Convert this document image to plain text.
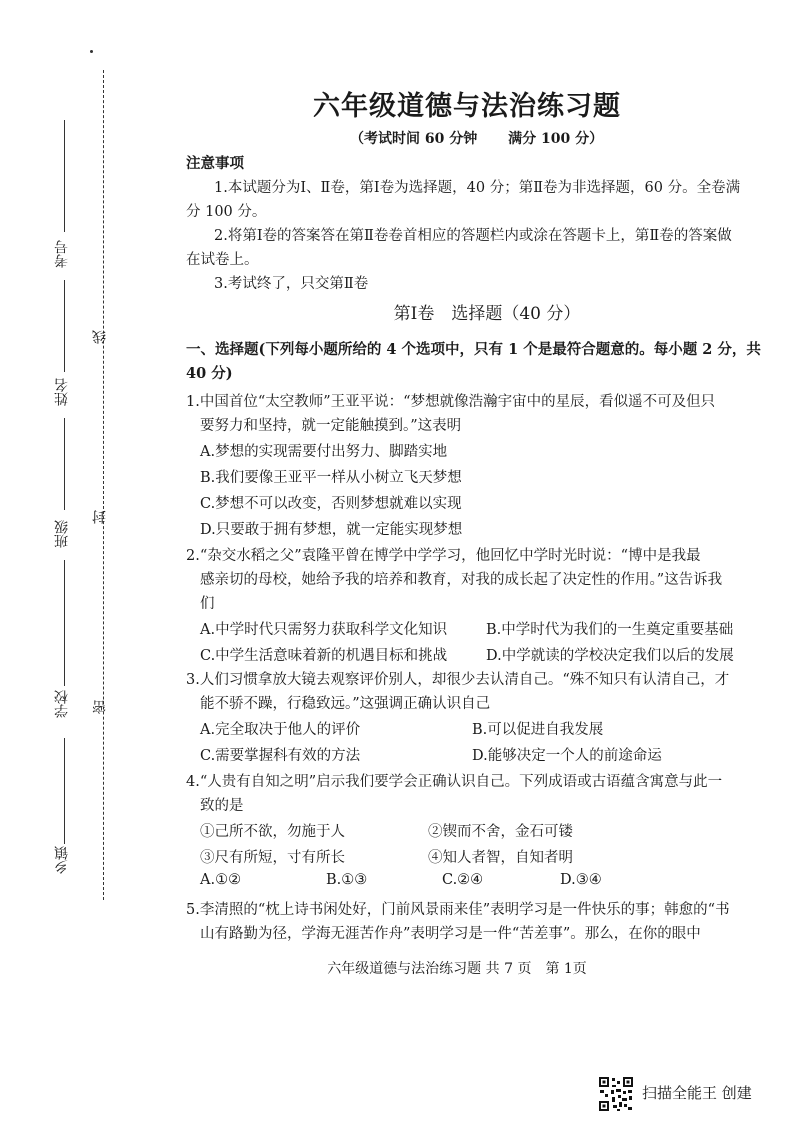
考号
姓名
班级
学校
乡镇
线
封
密
六年级道德与法治练习题
（考试时间 60 分钟 满分 100 分）
注意事项
1.本试题分为Ⅰ、Ⅱ卷，第Ⅰ卷为选择题，40 分；第Ⅱ卷为非选择题，60 分。全卷满分 100 分。
2.将第Ⅰ卷的答案答在第Ⅱ卷卷首相应的答题栏内或涂在答题卡上，第Ⅱ卷的答案做在试卷上。
3.考试终了，只交第Ⅱ卷
第Ⅰ卷　选择题（40 分）
一、选择题(下列每小题所给的 4 个选项中，只有 1 个是最符合题意的。每小题 2 分，共
40 分)
1.中国首位“太空教师”王亚平说：“梦想就像浩瀚宇宙中的星辰，看似遥不可及但只
要努力和坚持，就一定能触摸到。”这表明
A.梦想的实现需要付出努力、脚踏实地
B.我们要像王亚平一样从小树立飞天梦想
C.梦想不可以改变，否则梦想就难以实现
D.只要敢于拥有梦想，就一定能实现梦想
2.“杂交水稻之父”袁隆平曾在博学中学学习，他回忆中学时光时说：“博中是我最
感亲切的母校，她给予我的培养和教育，对我的成长起了决定性的作用。”这告诉我
们
A.中学时代只需努力获取科学文化知识	B.中学时代为我们的一生奠定重要基础
C.中学生活意味着新的机遇目标和挑战	D.中学就读的学校决定我们以后的发展
3.人们习惯拿放大镜去观察评价别人，却很少去认清自己。“殊不知只有认清自己，才
能不骄不躁，行稳致远。”这强调正确认识自己
A.完全取决于他人的评价	B.可以促进自我发展
C.需要掌握科有效的方法	D.能够决定一个人的前途命运
4.“人贵有自知之明”启示我们要学会正确认识自己。下列成语或古语蕴含寓意与此一
致的是
①己所不欲，勿施于人	②锲而不舍，金石可镂
③尺有所短，寸有所长	④知人者智，自知者明
A.①②	B.①③	C.②④	D.③④
5.李清照的“枕上诗书闲处好，门前风景雨来佳”表明学习是一件快乐的事；韩愈的“书
山有路勤为径，学海无涯苦作舟”表明学习是一件“苦差事”。那么，在你的眼中
六年级道德与法治练习题 共 7 页　第 1页
扫描全能王 创建
